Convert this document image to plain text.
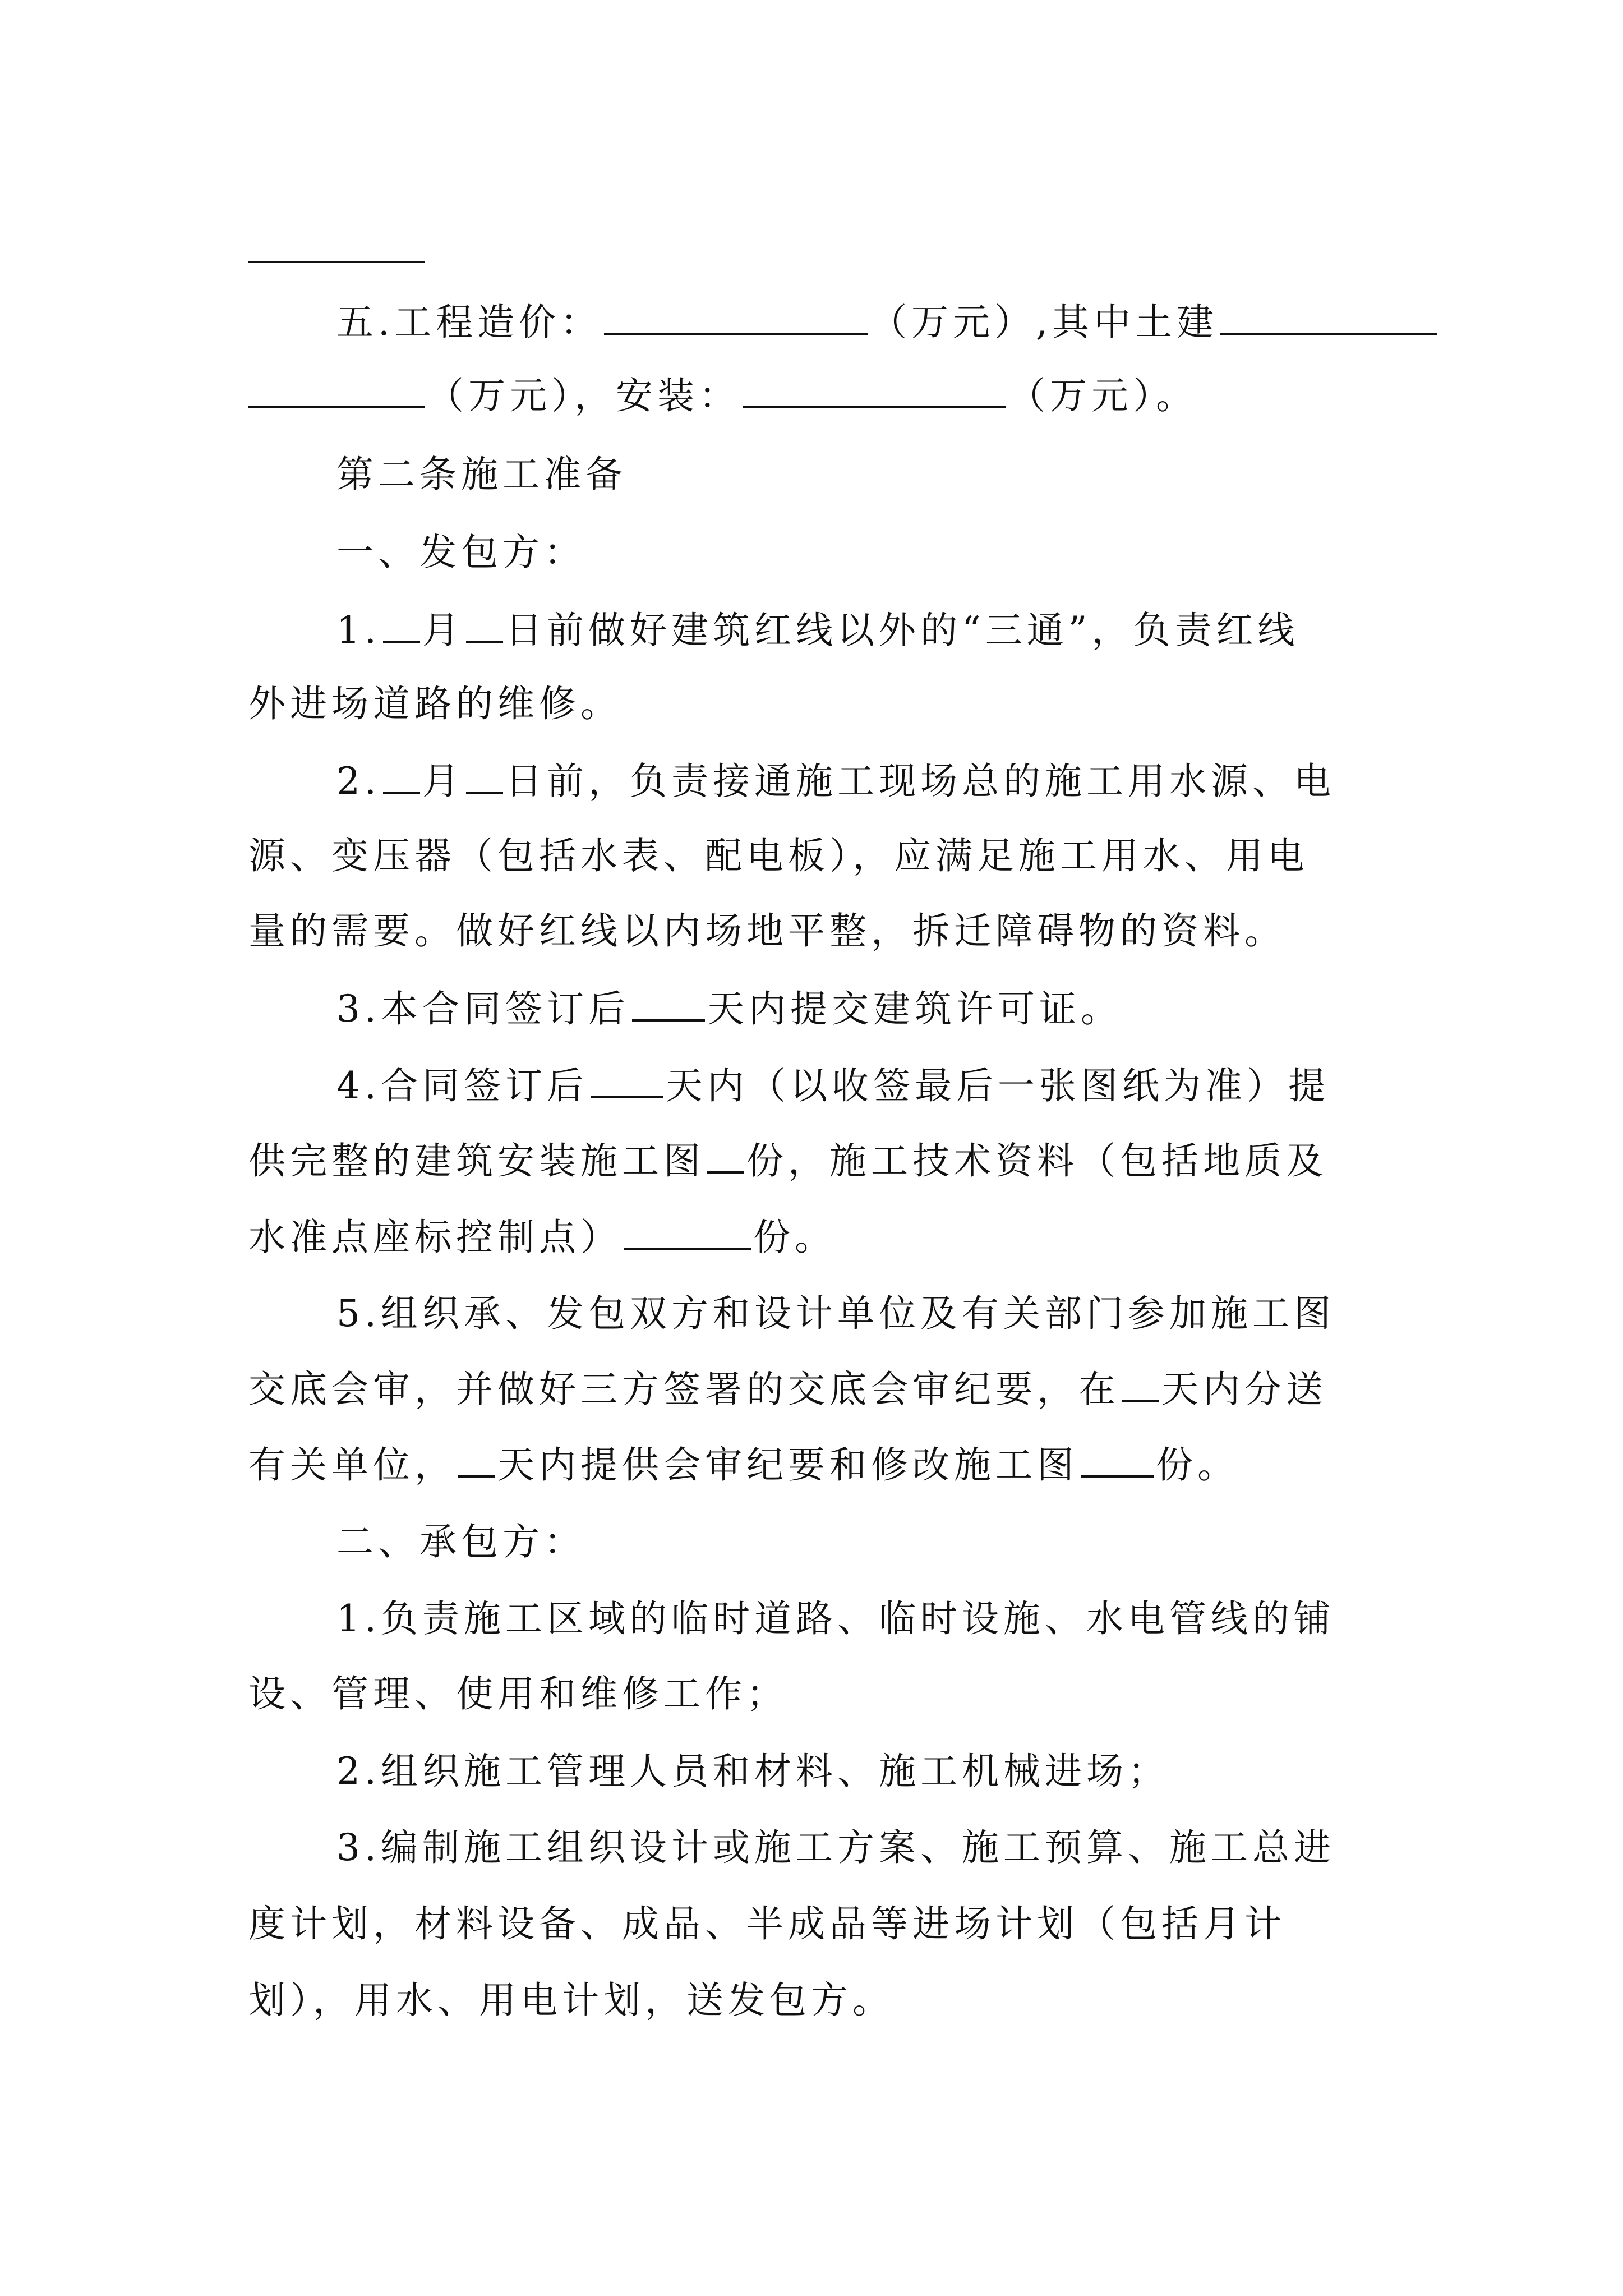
五.工程造价：	（万元）,其中土建
（万元），安装：	（万元）。
第二条施工准备
一、发包方：
1. 月 日前做好建筑红线以外的“三通”，负责红线
外进场道路的维修。
2. 月 日前，负责接通施工现场总的施工用水源、电
源、变压器（包括水表、配电板），应满足施工用水、用电
量的需要。做好红线以内场地平整，拆迁障碍物的资料。
3.本合同签订后 天内提交建筑许可证。
4.合同签订后 天内（以收签最后一张图纸为准）提
供完整的建筑安装施工图 份，施工技术资料（包括地质及
水准点座标控制点）	份。
5.组织承、发包双方和设计单位及有关部门参加施工图
交底会审，并做好三方签署的交底会审纪要，在 天内分送
有关单位， 天内提供会审纪要和修改施工图 份。
二、承包方：
1.负责施工区域的临时道路、临时设施、水电管线的铺
设、管理、使用和维修工作；
2.组织施工管理人员和材料、施工机械进场；
3.编制施工组织设计或施工方案、施工预算、施工总进
度计划，材料设备、成品、半成品等进场计划（包括月计
划），用水、用电计划，送发包方。
